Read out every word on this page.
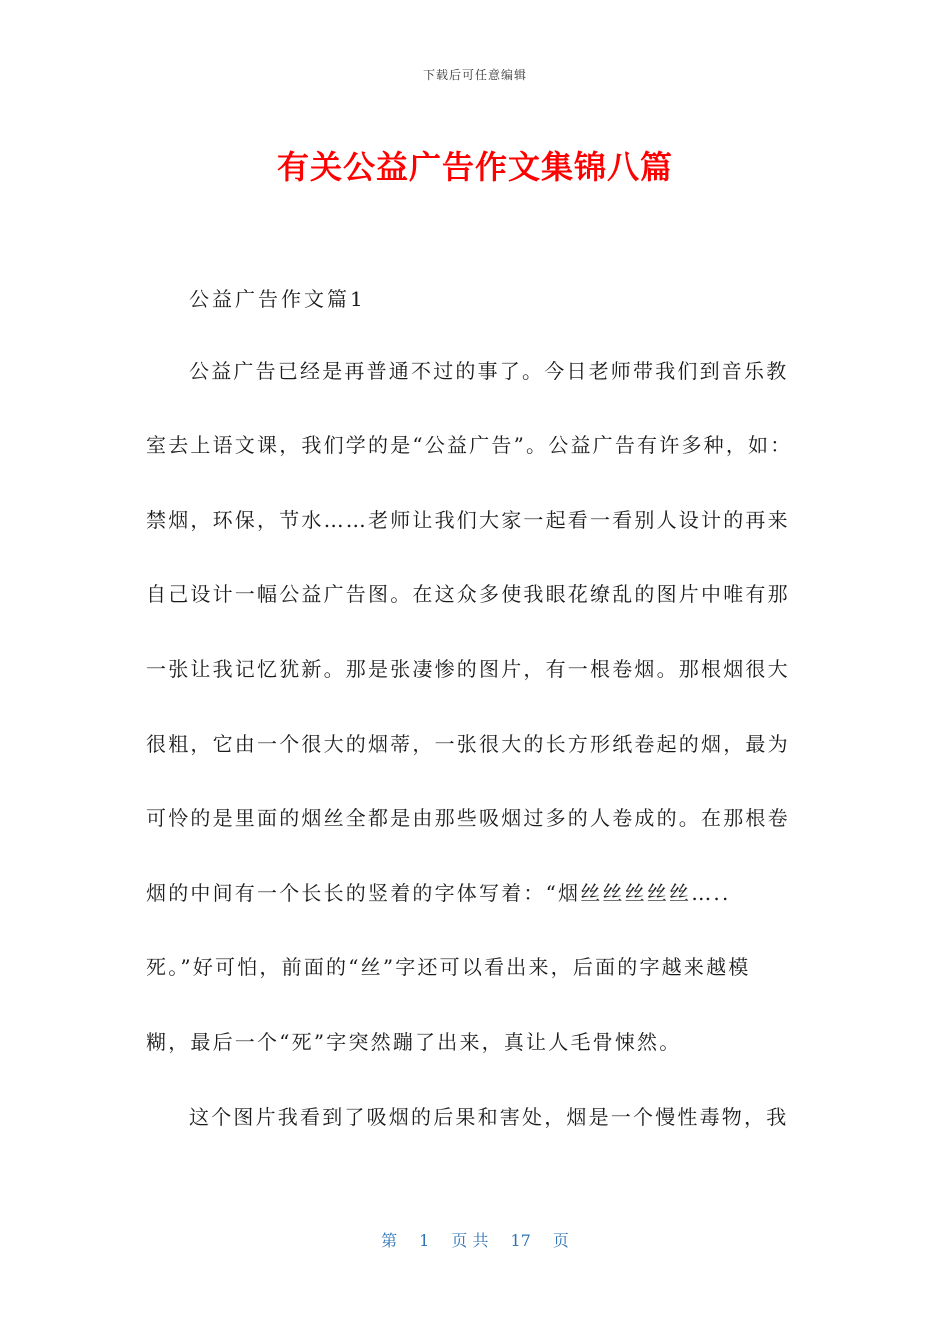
下载后可任意编辑
有关公益广告作文集锦八篇
公益广告作文篇1
公益广告已经是再普通不过的事了。今日老师带我们到音乐教
室去上语文课，我们学的是“公益广告”。公益广告有许多种，如：
禁烟，环保，节水……老师让我们大家一起看一看别人设计的再来
自己设计一幅公益广告图。在这众多使我眼花缭乱的图片中唯有那
一张让我记忆犹新。那是张凄惨的图片，有一根卷烟。那根烟很大
很粗，它由一个很大的烟蒂，一张很大的长方形纸卷起的烟，最为
可怜的是里面的烟丝全都是由那些吸烟过多的人卷成的。在那根卷
烟的中间有一个长长的竖着的字体写着：“烟丝丝丝丝丝…..
死。”好可怕，前面的“丝”字还可以看出来，后面的字越来越模
糊，最后一个“死”字突然蹦了出来，真让人毛骨悚然。
这个图片我看到了吸烟的后果和害处，烟是一个慢性毒物，我
第 1 页 共 17 页
